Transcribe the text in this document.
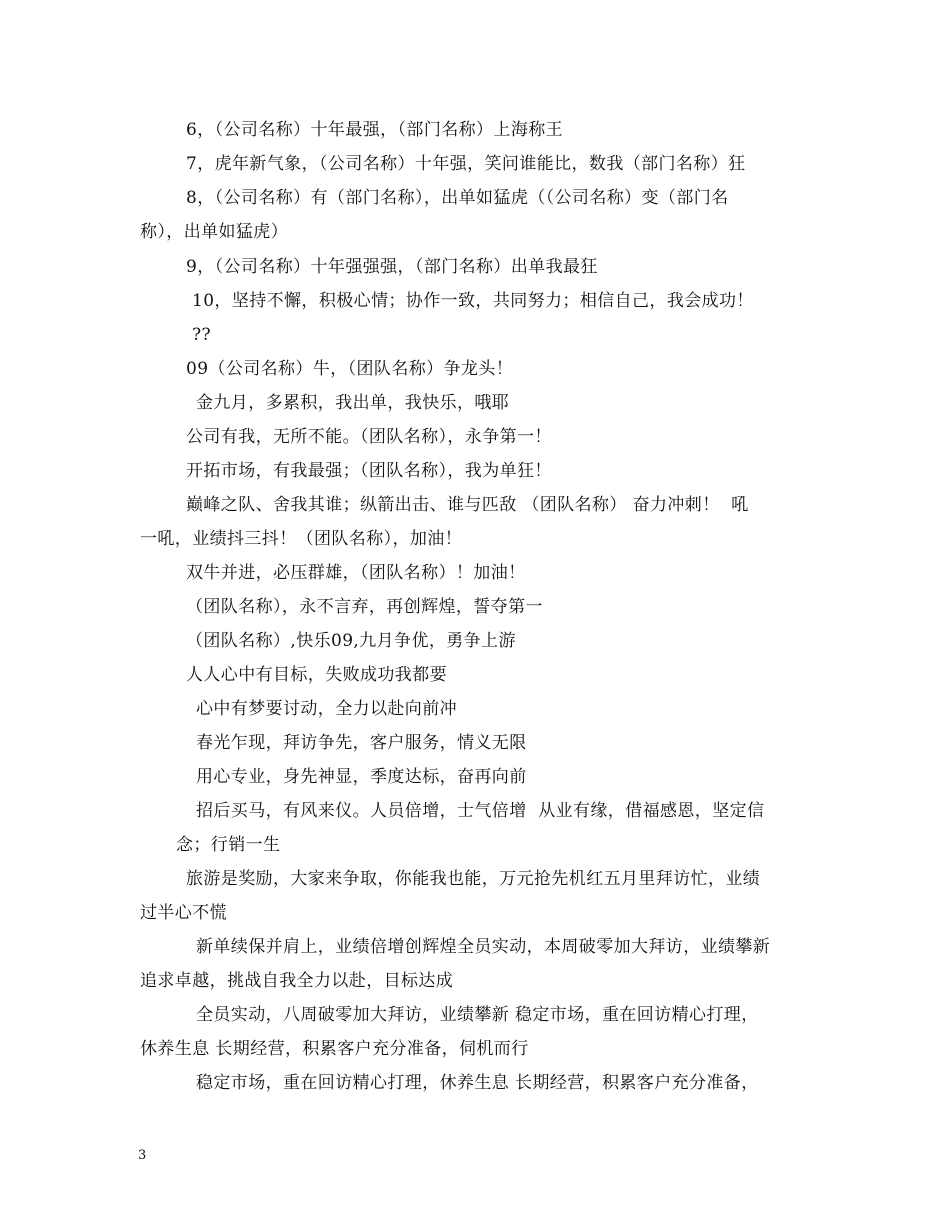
6，（公司名称）十年最强，（部门名称）上海称王
7，虎年新气象，（公司名称）十年强，笑问谁能比，数我（部门名称）狂
8，（公司名称）有（部门名称），出单如猛虎（（公司名称）变（部门名
称），出单如猛虎）
9，（公司名称）十年强强强，（部门名称）出单我最狂
10，坚持不懈，积极心情；协作一致，共同努力；相信自己，我会成功！
??
09（公司名称）牛，（团队名称）争龙头！
金九月，多累积，我出单，我快乐，哦耶
公司有我，无所不能。（团队名称），永争第一！
开拓市场，有我最强；（团队名称），我为单狂！
巅峰之队、舍我其谁；纵箭出击、谁与匹敌 （团队名称） 奋力冲刺！  吼
一吼，业绩抖三抖！（团队名称），加油！
双牛并进，必压群雄，（团队名称）！加油！
（团队名称），永不言弃，再创辉煌，誓夺第一
（团队名称）,快乐09,九月争优，勇争上游
人人心中有目标，失败成功我都要
心中有梦要讨动，全力以赴向前冲
春光乍现，拜访争先，客户服务，情义无限
用心专业，身先神显，季度达标，奋再向前
招后买马，有风来仪。人员倍增，士气倍增  从业有缘，借福感恩，坚定信
念；行销一生
旅游是奖励，大家来争取，你能我也能，万元抢先机红五月里拜访忙，业绩
过半心不慌
新单续保并肩上，业绩倍增创辉煌全员实动，本周破零加大拜访，业绩攀新
追求卓越，挑战自我全力以赴，目标达成
全员实动，八周破零加大拜访，业绩攀新 稳定市场，重在回访精心打理，
休养生息 长期经营，积累客户充分准备，伺机而行
稳定市场，重在回访精心打理，休养生息 长期经营，积累客户充分准备，
3
